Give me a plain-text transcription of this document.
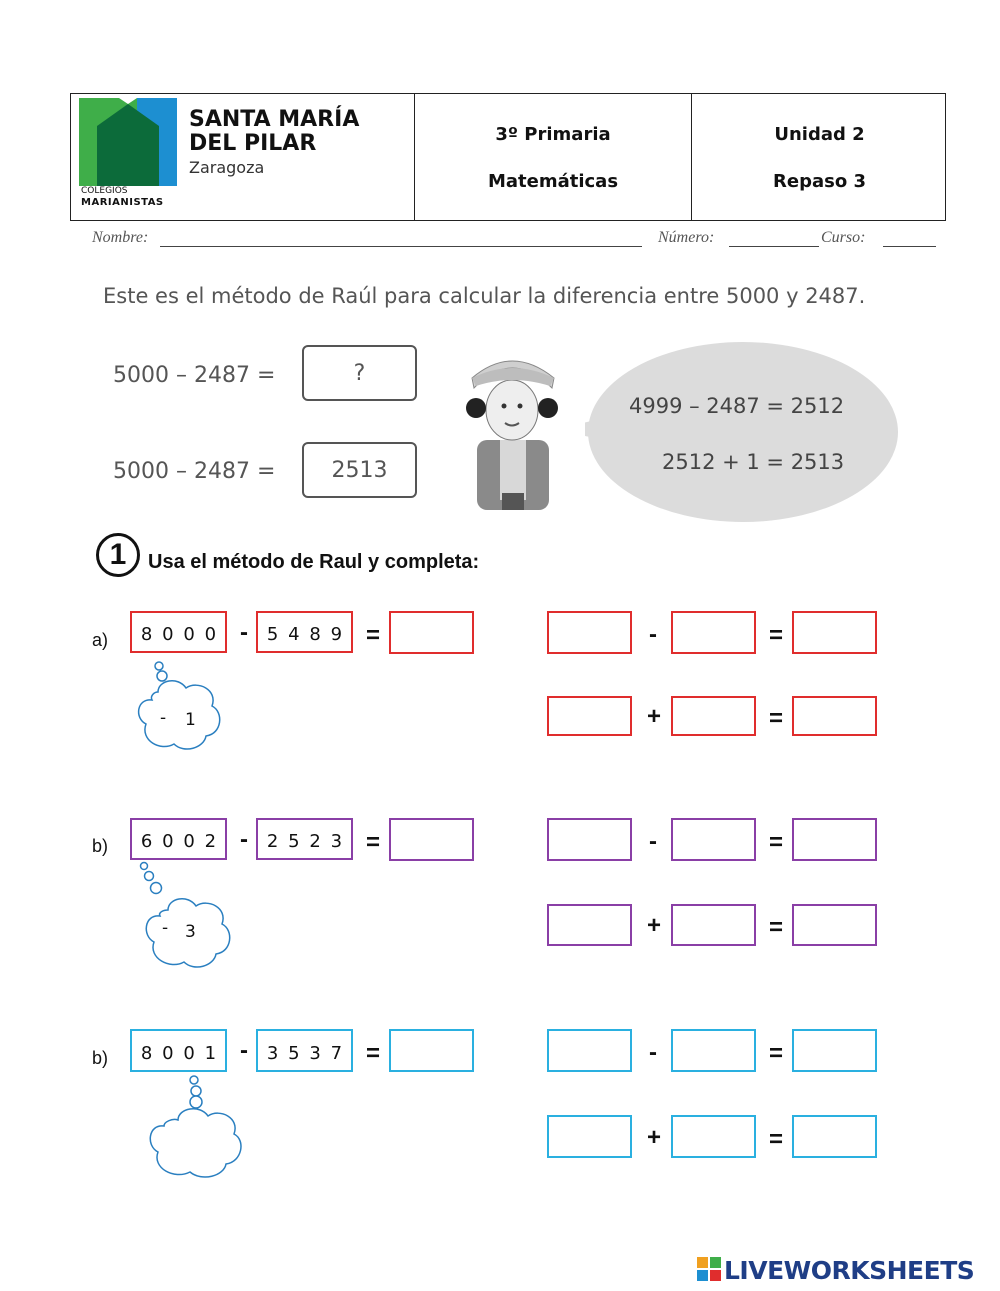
COLEGIOS
MARIANISTAS
SANTA MARÍA
DEL PILAR
Zaragoza
3º Primaria
Matemáticas
Unidad 2
Repaso 3
Nombre:	Número:	Curso:
Este es el método de Raúl para calcular la diferencia entre 5000 y 2487.
5000 – 2487 =	?
5000 – 2487 =	2513
4999 – 2487 = 2512
2512 + 1 = 2513
1	Usa el método de Raul y completa:
a) 8 0 0 0 - 5 4 8 9 =
- 1
-	=
+	=
b) 6 0 0 2 - 2 5 2 3 =
- 3
-	=
+	=
b) 8 0 0 1 - 3 5 3 7 =	-	=
+	=
LIVEWORKSHEETS
